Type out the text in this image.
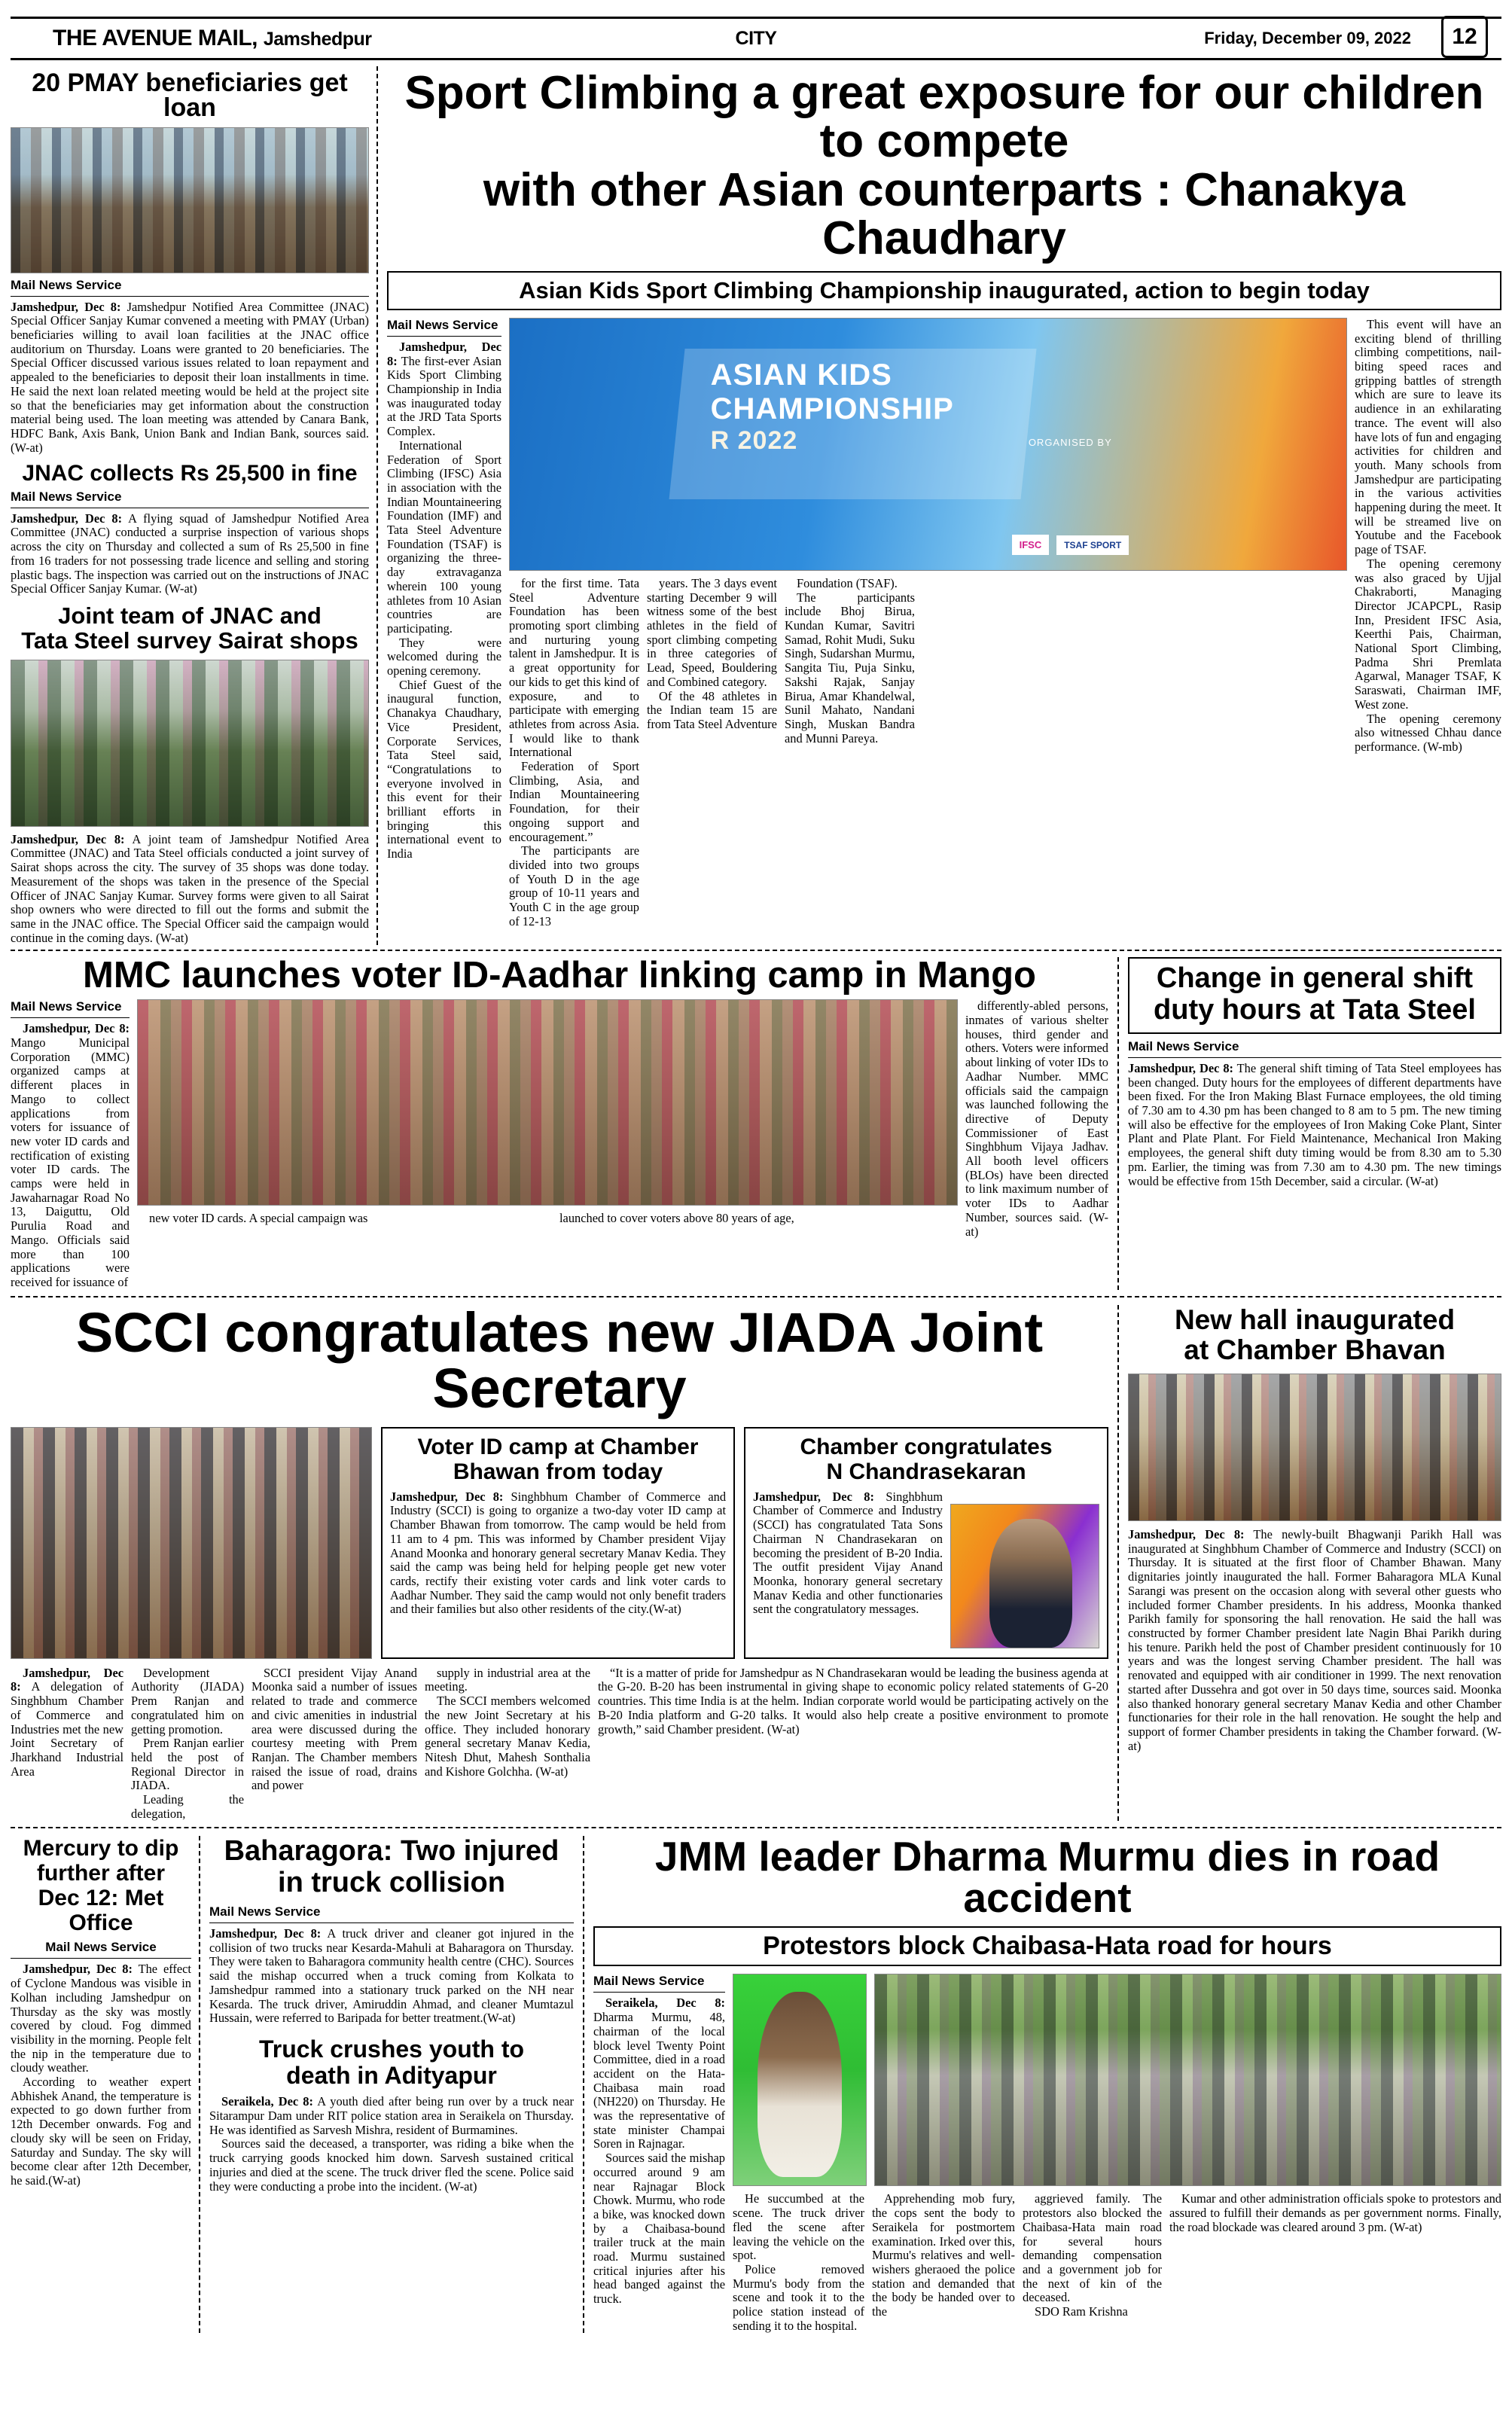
THE AVENUE MAIL, Jamshedpur	CITY	Friday, December 09, 2022	12
20 PMAY beneficiaries get loan
Mail News Service
Jamshedpur, Dec 8: Jamshedpur Notified Area Committee (JNAC) Special Officer Sanjay Kumar convened a meeting with PMAY (Urban) beneficiaries willing to avail loan facilities at the JNAC office auditorium on Thursday. Loans were granted to 20 beneficiaries. The Special Officer discussed various issues related to loan repayment and appealed to the beneficiaries to deposit their loan installments in time. He said the next loan related meeting would be held at the project site so that the beneficiaries may get information about the construction material being used. The loan meeting was attended by Canara Bank, HDFC Bank, Axis Bank, Union Bank and Indian Bank, sources said. (W-at)
JNAC collects Rs 25,500 in fine
Mail News Service
Jamshedpur, Dec 8: A flying squad of Jamshedpur Notified Area Committee (JNAC) conducted a surprise inspection of various shops across the city on Thursday and collected a sum of Rs 25,500 in fine from 16 traders for not possessing trade licence and selling and storing plastic bags. The inspection was carried out on the instructions of JNAC Special Officer Sanjay Kumar. (W-at)
Joint team of JNAC and
Tata Steel survey Sairat shops
Jamshedpur, Dec 8: A joint team of Jamshedpur Notified Area Committee (JNAC) and Tata Steel officials conducted a joint survey of Sairat shops across the city. The survey of 35 shops was done today. Measurement of the shops was taken in the presence of the Special Officer of JNAC Sanjay Kumar. Survey forms were given to all Sairat shop owners who were directed to fill out the forms and submit the same in the JNAC office. The Special Officer said the campaign would continue in the coming days. (W-at)
Sport Climbing a great exposure for our children to compete
with other Asian counterparts : Chanakya Chaudhary
Asian Kids Sport Climbing Championship inaugurated, action to begin today
Mail News Service

Jamshedpur, Dec 8: The first-ever Asian Kids Sport Climbing Championship in India was inaugurated today at the JRD Tata Sports Complex.

International Federation of Sport Climbing (IFSC) Asia in association with the Indian Mountaineering Foundation (IMF) and Tata Steel Adventure Foundation (TSAF) is organizing the three-day extravaganza wherein 100 young athletes from 10 Asian countries are participating.

They were welcomed during the opening ceremony.

Chief Guest of the inaugural function, Chanakya Chaudhary, Vice President, Corporate Services, Tata Steel said, “Congratulations to everyone involved in this event for their brilliant efforts in bringing this international event to India

ASIAN KIDS
CHAMPIONSHIP
R 2022	ORGANISED BY
IFSC	TSAF SPORT

for the first time. Tata Steel Adventure Foundation has been promoting sport climbing and nurturing young talent in Jamshedpur. It is a great opportunity for our kids to get this kind of exposure, and to participate with emerging athletes from across Asia. I would like to thank International

Federation of Sport Climbing, Asia, and Indian Mountaineering Foundation, for their ongoing support and encouragement.”

The participants are divided into two groups of Youth D in the age group of 10-11 years and Youth C in the age group of 12-13

years. The 3 days event starting December 9 will witness some of the best athletes in the field of sport climbing competing in three categories of Lead, Speed, Bouldering and Combined category.

Of the 48 athletes in the Indian team 15 are from Tata Steel Adventure

Foundation (TSAF).

The participants include Bhoj Birua, Kundan Kumar, Savitri Samad, Rohit Mudi, Suku Singh, Sudarshan Murmu, Sangita Tiu, Puja Sinku, Sakshi Rajak, Sanjay Birua, Amar Khandelwal, Sunil Mahato, Nandani Singh, Muskan Bandra and Munni Pareya.

This event will have an exciting blend of thrilling climbing competitions, nail-biting speed races and gripping battles of strength which are sure to leave its audience in an exhilarating trance. The event will also have lots of fun and engaging activities for children and youth. Many schools from Jamshedpur are participating in the various activities happening during the meet. It will be streamed live on Youtube and the Facebook page of TSAF.

The opening ceremony was also graced by Ujjal Chakraborti, Managing Director JCAPCPL, Rasip Inn, President IFSC Asia, Keerthi Pais, Chairman, National Sport Climbing, Padma Shri Premlata Agarwal, Manager TSAF, K Saraswati, Chairman IMF, West zone.

The opening ceremony also witnessed Chhau dance performance. (W-mb)

MMC launches voter ID-Aadhar linking camp in Mango
Mail News Service

Jamshedpur, Dec 8: Mango Municipal Corporation (MMC) organized camps at different places in Mango to collect applications from voters for issuance of new voter ID cards and rectification of existing voter ID cards. The camps were held in Jawaharnagar Road No 13, Daiguttu, Old Purulia Road and Mango. Officials said more than 100 applications were received for issuance of

new voter ID cards. A special campaign was	launched to cover voters above 80 years of age,

differently-abled persons, inmates of various shelter houses, third gender and others. Voters were informed about linking of voter IDs to Aadhar Number. MMC officials said the campaign was launched following the directive of Deputy Commissioner of East Singhbhum Vijaya Jadhav. All booth level officers (BLOs) have been directed to link maximum number of voter IDs to Aadhar Number, sources said. (W-at)

Change in general shift
duty hours at Tata Steel
Mail News Service
Jamshedpur, Dec 8: The general shift timing of Tata Steel employees has been changed. Duty hours for the employees of different departments have been fixed. For the Iron Making Blast Furnace employees, the old timing of 7.30 am to 4.30 pm has been changed to 8 am to 5 pm. The new timing will also be effective for the employees of Iron Making Coke Plant, Sinter Plant and Plate Plant. For Field Maintenance, Mechanical Iron Making employees, the general shift duty timing would be from 8.30 am to 5.30 pm. Earlier, the timing was from 7.30 am to 4.30 pm. The new timings would be effective from 15th December, said a circular. (W-at)
SCCI congratulates new JIADA Joint Secretary
Voter ID camp at Chamber
Bhawan from today
Jamshedpur, Dec 8: Singhbhum Chamber of Commerce and Industry (SCCI) is going to organize a two-day voter ID camp at Chamber Bhawan from tomorrow. The camp would be held from 11 am to 4 pm. This was informed by Chamber president Vijay Anand Moonka and honorary general secretary Manav Kedia. They said the camp was being held for helping people get new voter cards, rectify their existing voter cards and link voter cards to Aadhar Number. They said the camp would not only benefit traders and their families but also other residents of the city.(W-at)
Chamber congratulates
N Chandrasekaran
Jamshedpur, Dec 8: Singhbhum Chamber of Commerce and Industry (SCCI) has congratulated Tata Sons Chairman N Chandrasekaran on becoming the president of B-20 India. The outfit president Vijay Anand Moonka, honorary general secretary Manav Kedia and other functionaries sent the congratulatory messages.

Jamshedpur, Dec 8: A delegation of Singhbhum Chamber of Commerce and Industries met the new Joint Secretary of Jharkhand Industrial Area

Development Authority (JIADA) Prem Ranjan and congratulated him on getting promotion.

Prem Ranjan earlier held the post of Regional Director in JIADA.

Leading the delegation,

SCCI president Vijay Anand Moonka said a number of issues related to trade and commerce and civic amenities in industrial area were discussed during the courtesy meeting with Prem Ranjan. The Chamber members raised the issue of road, drains and power

supply in industrial area at the meeting.

The SCCI members welcomed the new Joint Secretary at his office. They included honorary general secretary Manav Kedia, Nitesh Dhut, Mahesh Sonthalia and Kishore Golchha. (W-at)

“It is a matter of pride for Jamshedpur as N Chandrasekaran would be leading the business agenda at the G-20. B-20 has been instrumental in giving shape to economic policy related statements of G-20 countries. This time India is at the helm. Indian corporate world would be participating actively on the B-20 India platform and G-20 talks. It would also help create a positive environment to promote growth,” said Chamber president. (W-at)

New hall inaugurated
at Chamber Bhavan
Jamshedpur, Dec 8: The newly-built Bhagwanji Parikh Hall was inaugurated at Singhbhum Chamber of Commerce and Industry (SCCI) on Thursday. It is situated at the first floor of Chamber Bhawan. Many dignitaries jointly inaugurated the hall. Former Baharagora MLA Kunal Sarangi was present on the occasion along with several other guests who included former Chamber presidents. In his address, Moonka thanked Parikh family for sponsoring the hall renovation. He said the hall was constructed by former Chamber president late Nagin Bhai Parikh during his tenure. Parikh held the post of Chamber president continuously for 10 years and was the longest serving Chamber president. The hall was renovated and equipped with air conditioner in 1999. The next renovation started after Dussehra and got over in 50 days time, sources said. Moonka also thanked honorary general secretary Manav Kedia and other Chamber functionaries for their role in the hall renovation. He sought the help and support of former Chamber presidents in taking the Chamber forward. (W-at)
Mercury to dip
further after
Dec 12: Met
Office
Mail News Service

Jamshedpur, Dec 8: The effect of Cyclone Mandous was visible in Kolhan including Jamshedpur on Thursday as the sky was mostly covered by cloud. Fog dimmed visibility in the morning. People felt the nip in the temperature due to cloudy weather.

According to weather expert Abhishek Anand, the temperature is expected to go down further from 12th December onwards. Fog and cloudy sky will be seen on Friday, Saturday and Sunday. The sky will become clear after 12th December, he said.(W-at)

Baharagora: Two injured
in truck collision
Mail News Service
Jamshedpur, Dec 8: A truck driver and cleaner got injured in the collision of two trucks near Kesarda-Mahuli at Baharagora on Thursday. They were taken to Baharagora community health centre (CHC). Sources said the mishap occurred when a truck coming from Kolkata to Jamshedpur rammed into a stationary truck parked on the NH near Kesarda. The truck driver, Amiruddin Ahmad, and cleaner Mumtazul Hussain, were referred to Baripada for better treatment.(W-at)
Truck crushes youth to
death in Adityapur

Seraikela, Dec 8: A youth died after being run over by a truck near Sitarampur Dam under RIT police station area in Seraikela on Thursday. He was identified as Sarvesh Mishra, resident of Burmamines.

Sources said the deceased, a transporter, was riding a bike when the truck carrying goods knocked him down. Sarvesh sustained critical injuries and died at the scene. The truck driver fled the scene. Police said they were conducting a probe into the incident. (W-at)

JMM leader Dharma Murmu dies in road accident
Protestors block Chaibasa-Hata road for hours
Mail News Service

Seraikela, Dec 8: Dharma Murmu, 48, chairman of the local block level Twenty Point Committee, died in a road accident on the Hata-Chaibasa main road (NH220) on Thursday. He was the representative of state minister Champai Soren in Rajnagar.

Sources said the mishap occurred around 9 am near Rajnagar Block Chowk. Murmu, who rode a bike, was knocked down by a Chaibasa-bound trailer truck at the main road. Murmu sustained critical injuries after his head banged against the truck.

He succumbed at the scene. The truck driver fled the scene after leaving the vehicle on the spot.

Police removed Murmu's body from the scene and took it to the police station instead of sending it to the hospital.

Apprehending mob fury, the cops sent the body to Seraikela for postmortem examination. Irked over this, Murmu's relatives and well-wishers gheraoed the police station and demanded that the body be handed over to the

aggrieved family. The protestors also blocked the Chaibasa-Hata main road for several hours demanding compensation and a government job for the next of kin of the deceased.

SDO Ram Krishna

Kumar and other administration officials spoke to protestors and assured to fulfill their demands as per government norms. Finally, the road blockade was cleared around 3 pm. (W-at)
